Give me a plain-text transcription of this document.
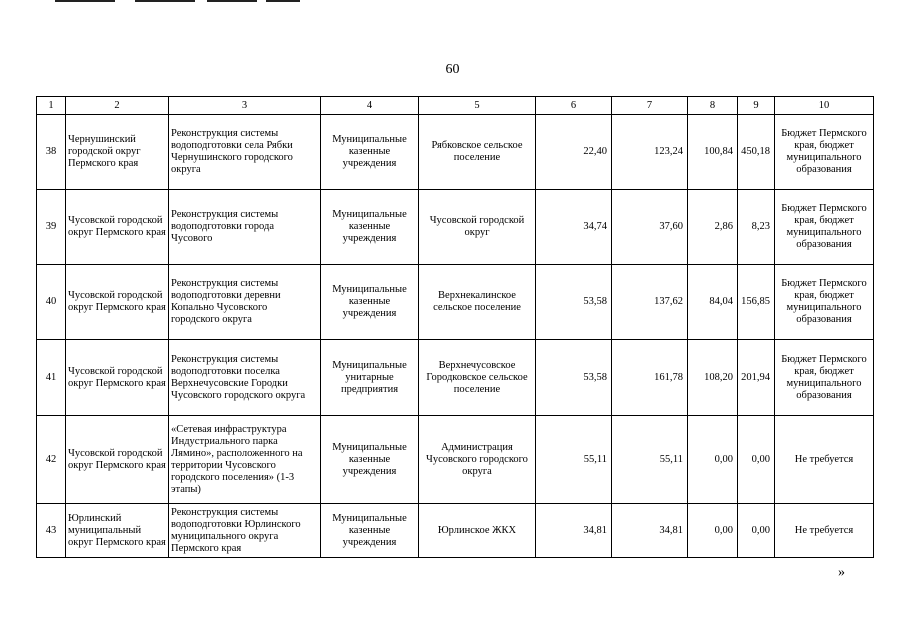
60
1	2	3	4	5	6	7	8	9	10
38	Чернушинский городской округ Пермского края	Реконструкция системы водоподготовки села Рябки Чернушинского городского округа	Муниципальные казенные учреждения	Рябковское сельское поселение	22,40	123,24	100,84	450,18	Бюджет Пермского края, бюджет муниципального образования
39	Чусовской городской округ Пермского края	Реконструкция системы водоподготовки города Чусового	Муниципальные казенные учреждения	Чусовской городской округ	34,74	37,60	2,86	8,23	Бюджет Пермского края, бюджет муниципального образования
40	Чусовской городской округ Пермского края	Реконструкция системы водоподготовки деревни Копально Чусовского городского округа	Муниципальные казенные учреждения	Верхнекалинское сельское поселение	53,58	137,62	84,04	156,85	Бюджет Пермского края, бюджет муниципального образования
41	Чусовской городской округ Пермского края	Реконструкция системы водоподготовки поселка Верхнечусовские Городки Чусовского городского округа	Муниципальные унитарные предприятия	Верхнечусовское Городковское сельское поселение	53,58	161,78	108,20	201,94	Бюджет Пермского края, бюджет муниципального образования
42	Чусовской городской округ Пермского края	«Сетевая инфраструктура Индустриального парка Лямино», расположенного на территории Чусовского городского поселения» (1-3 этапы)	Муниципальные казенные учреждения	Администрация Чусовского городского округа	55,11	55,11	0,00	0,00	Не требуется
43	Юрлинский муниципальный округ Пермского края	Реконструкция системы водоподготовки Юрлинского муниципального округа Пермского края	Муниципальные казенные учреждения	Юрлинское ЖКХ	34,81	34,81	0,00	0,00	Не требуется
»
